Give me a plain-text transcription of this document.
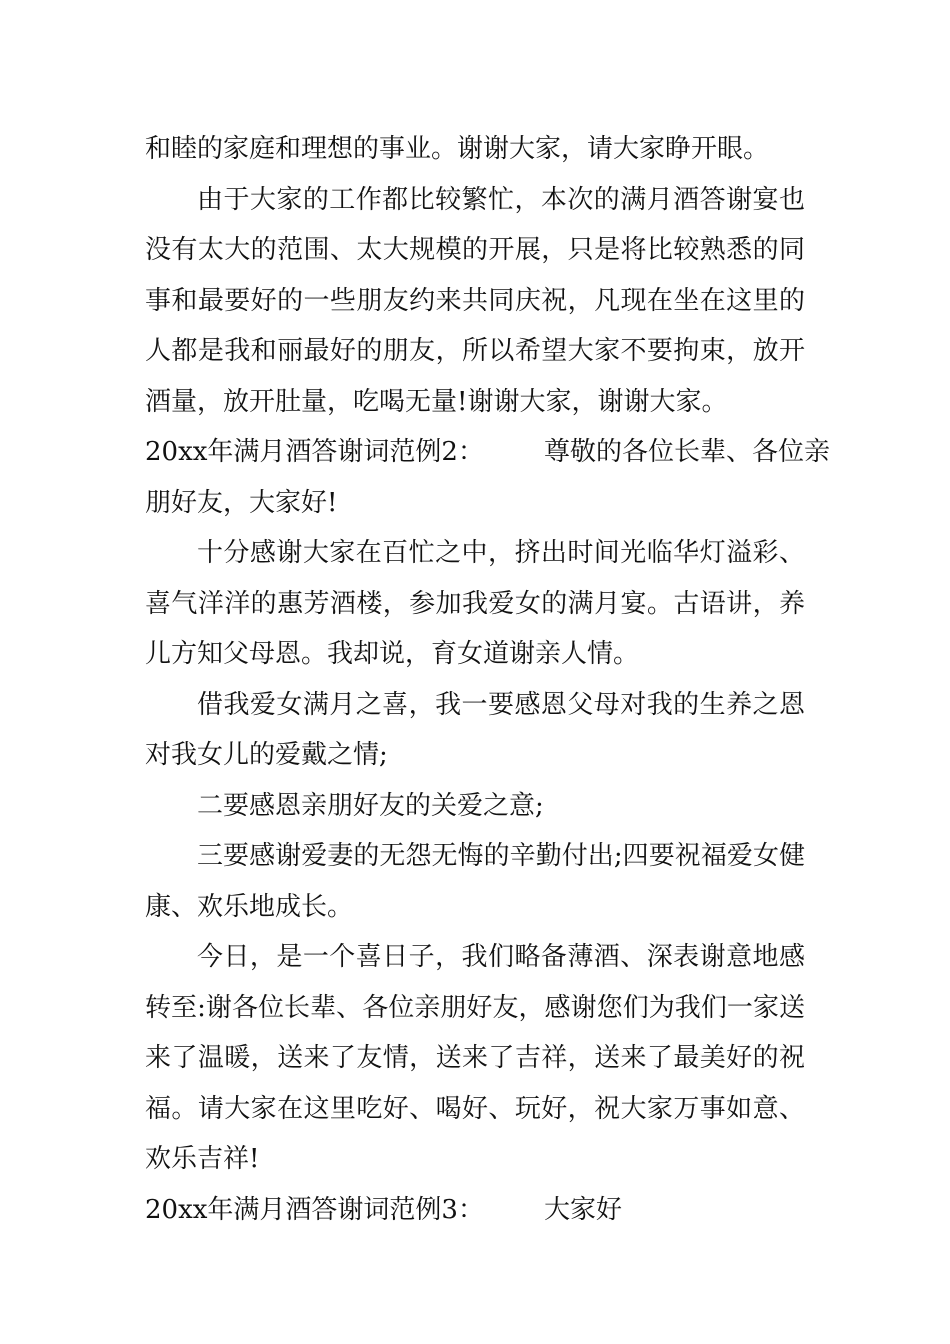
和睦的家庭和理想的事业。谢谢大家，请大家睁开眼。

由于大家的工作都比较繁忙，本次的满月酒答谢宴也没有太大的范围、太大规模的开展，只是将比较熟悉的同事和最要好的一些朋友约来共同庆祝，凡现在坐在这里的人都是我和丽最好的朋友，所以希望大家不要拘束，放开酒量，放开肚量，吃喝无量!谢谢大家，谢谢大家。

20xx年满月酒答谢词范例2： 尊敬的各位长辈、各位亲
朋好友，大家好!

十分感谢大家在百忙之中，挤出时间光临华灯溢彩、喜气洋洋的惠芳酒楼，参加我爱女的满月宴。古语讲，养儿方知父母恩。我却说，育女道谢亲人情。

借我爱女满月之喜，我一要感恩父母对我的生养之恩对我女儿的爱戴之情;

二要感恩亲朋好友的关爱之意;

三要感谢爱妻的无怨无悔的辛勤付出;四要祝福爱女健康、欢乐地成长。

今日，是一个喜日子，我们略备薄酒、深表谢意地感转至:谢各位长辈、各位亲朋好友，感谢您们为我们一家送来了温暖，送来了友情，送来了吉祥，送来了最美好的祝福。请大家在这里吃好、喝好、玩好，祝大家万事如意、欢乐吉祥!

20xx年满月酒答谢词范例3： 大家好
